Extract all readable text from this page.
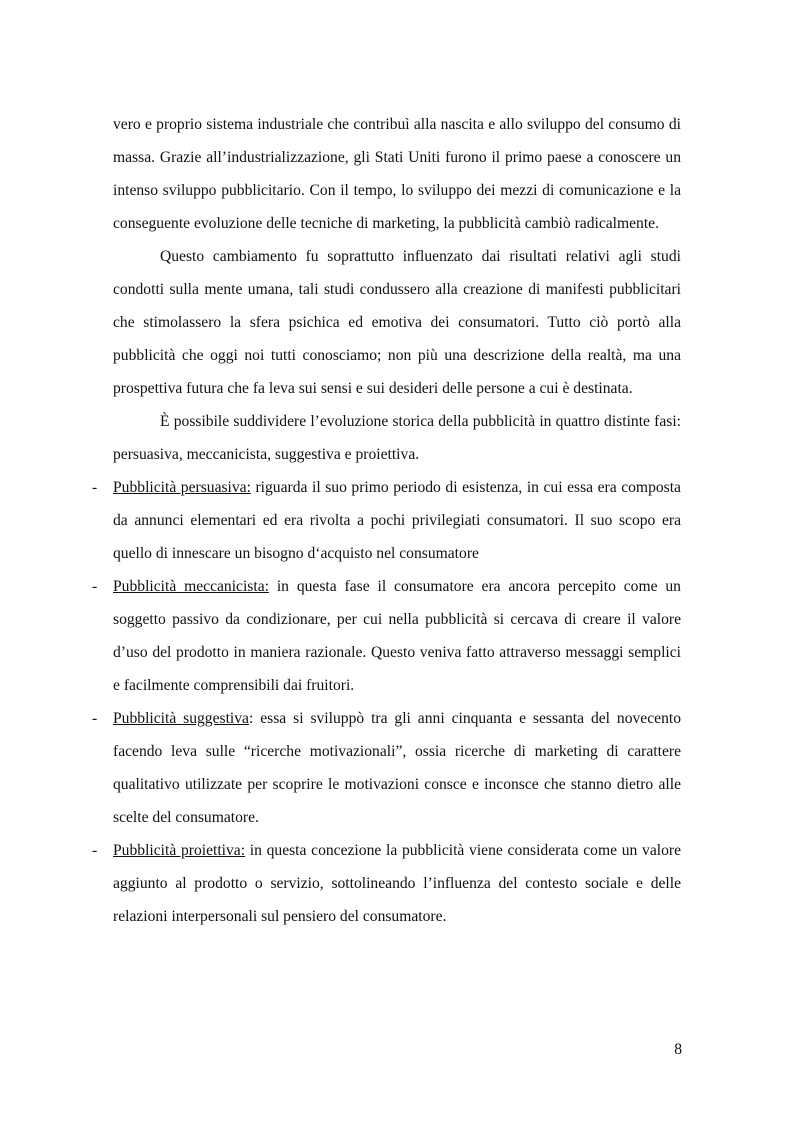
vero e proprio sistema industriale che contribuì alla nascita e allo sviluppo del consumo di massa. Grazie all’industrializzazione, gli Stati Uniti furono il primo paese a conoscere un intenso sviluppo pubblicitario. Con il tempo, lo sviluppo dei mezzi di comunicazione e la conseguente evoluzione delle tecniche di marketing, la pubblicità cambiò radicalmente.

Questo cambiamento fu soprattutto influenzato dai risultati relativi agli studi condotti sulla mente umana, tali studi condussero alla creazione di manifesti pubblicitari che stimolassero la sfera psichica ed emotiva dei consumatori. Tutto ciò portò alla pubblicità che oggi noi tutti conosciamo; non più una descrizione della realtà, ma una prospettiva futura che fa leva sui sensi e sui desideri delle persone a cui è destinata.

È possibile suddividere l’evoluzione storica della pubblicità in quattro distinte fasi: persuasiva, meccanicista, suggestiva e proiettiva.

- Pubblicità persuasiva: riguarda il suo primo periodo di esistenza, in cui essa era composta da annunci elementari ed era rivolta a pochi privilegiati consumatori. Il suo scopo era quello di innescare un bisogno d‘acquisto nel consumatore
- Pubblicità meccanicista: in questa fase il consumatore era ancora percepito come un soggetto passivo da condizionare, per cui nella pubblicità si cercava di creare il valore d’uso del prodotto in maniera razionale. Questo veniva fatto attraverso messaggi semplici e facilmente comprensibili dai fruitori.
- Pubblicità suggestiva: essa si sviluppò tra gli anni cinquanta e sessanta del novecento facendo leva sulle “ricerche motivazionali”, ossia ricerche di marketing di carattere qualitativo utilizzate per scoprire le motivazioni consce e inconsce che stanno dietro alle scelte del consumatore.
- Pubblicità proiettiva: in questa concezione la pubblicità viene considerata come un valore aggiunto al prodotto o servizio, sottolineando l’influenza del contesto sociale e delle relazioni interpersonali sul pensiero del consumatore.
8
